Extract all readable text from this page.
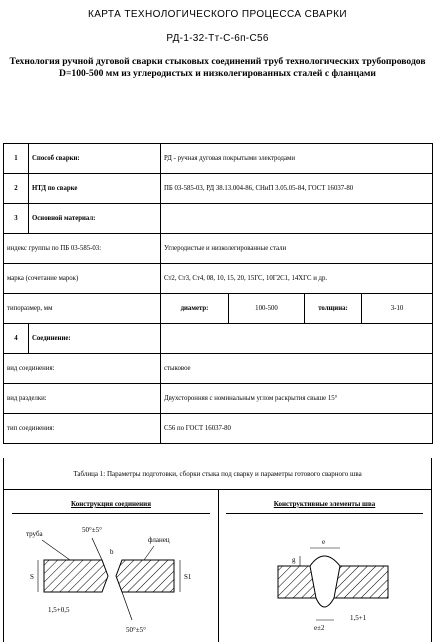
КАРТА ТЕХНОЛОГИЧЕСКОГО ПРОЦЕССА СВАРКИ
РД-1-32-Тт-С-6п-С56
Технология ручной дуговой сварки стыковых соединений труб технологических трубопроводов D=100-500 мм из углеродистых и низколегированных сталей с фланцами
1	Способ сварки:	РД - ручная дуговая покрытыми электродами			
2	НТД по сварке	ПБ 03-585-03, РД 38.13.004-86, СНиП 3.05.05-84, ГОСТ 16037-80			
3	Основной материал:				
индекс группы по ПБ 03-585-03:		Углеродистые и низколегированные стали			
марка (сочетание марок)		Ст2, Ст3, Ст4, 08, 10, 15, 20, 15ГС, 10Г2С1, 14ХГС и др.			
типоразмер, мм		диаметр:	100-500	толщина:	3-10
4	Соединение:				
вид соединения:		стыковое			
вид разделки:		Двухсторонняя с номинальным углом раскрытия свыше 15°			
тип соединения:		С56 по ГОСТ 16037-80			
Таблица 1: Параметры подготовки, сборки стыка под сварку и параметры готового сварного шва
Конструкция соединения
труба
фланец
50°±5°
50°±5°
S	S1
b
1,5+0,5
Конструктивные элементы шва
e
g
e±2
1,5+1
